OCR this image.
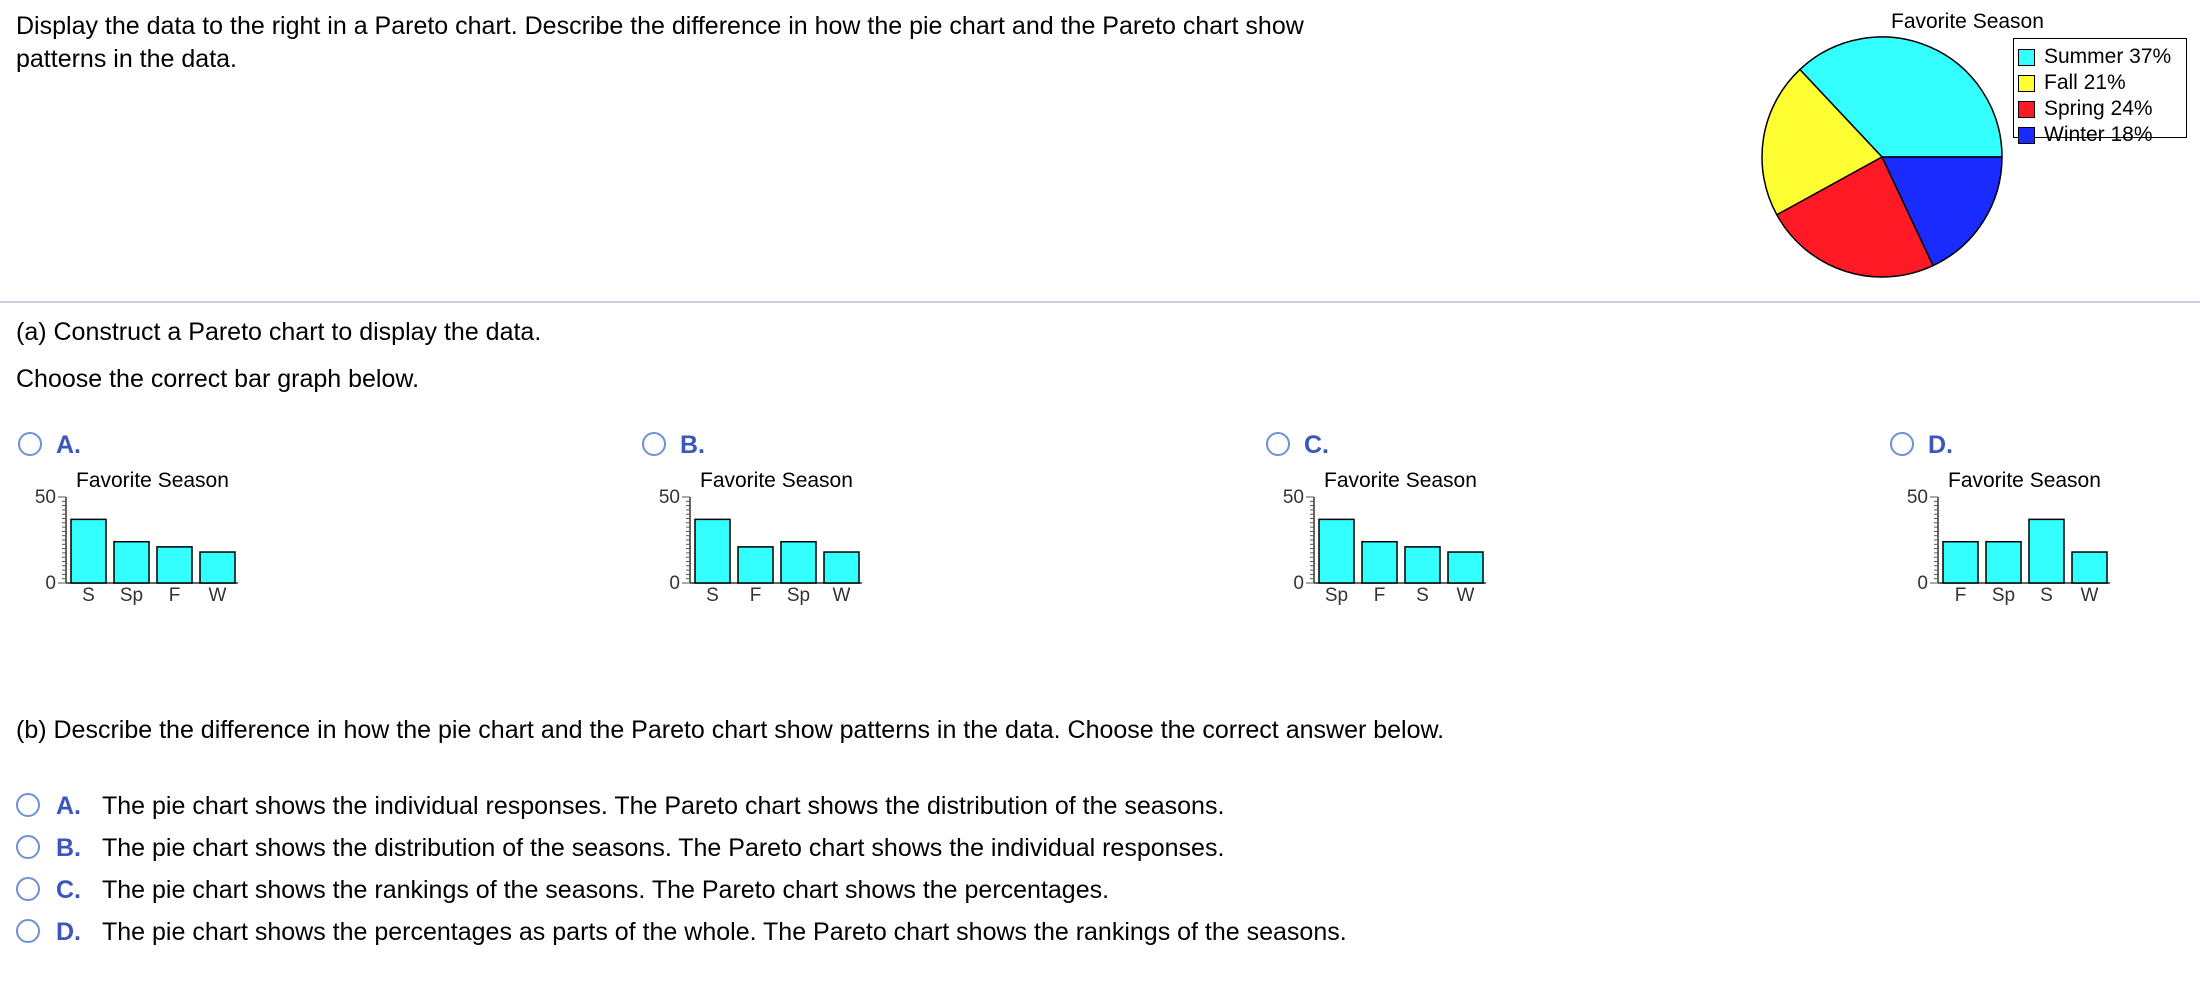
Display the data to the right in a Pareto chart. Describe the difference in how the pie chart and the Pareto chart show patterns in the data.
Favorite Season
Summer 37%
Fall 21%
Spring 24%
Winter 18%
(a) Construct a Pareto chart to display the data.
Choose the correct bar graph below.
A.
Favorite Season
50
0
S Sp F W
B.
Favorite Season
50
0
S F Sp W
C.
Favorite Season
50
0
Sp F S W
D.
Favorite Season
50
0
F Sp S W
(b) Describe the difference in how the pie chart and the Pareto chart show patterns in the data. Choose the correct answer below.
A. The pie chart shows the individual responses. The Pareto chart shows the distribution of the seasons.
B. The pie chart shows the distribution of the seasons. The Pareto chart shows the individual responses.
C. The pie chart shows the rankings of the seasons. The Pareto chart shows the percentages.
D. The pie chart shows the percentages as parts of the whole. The Pareto chart shows the rankings of the seasons.
